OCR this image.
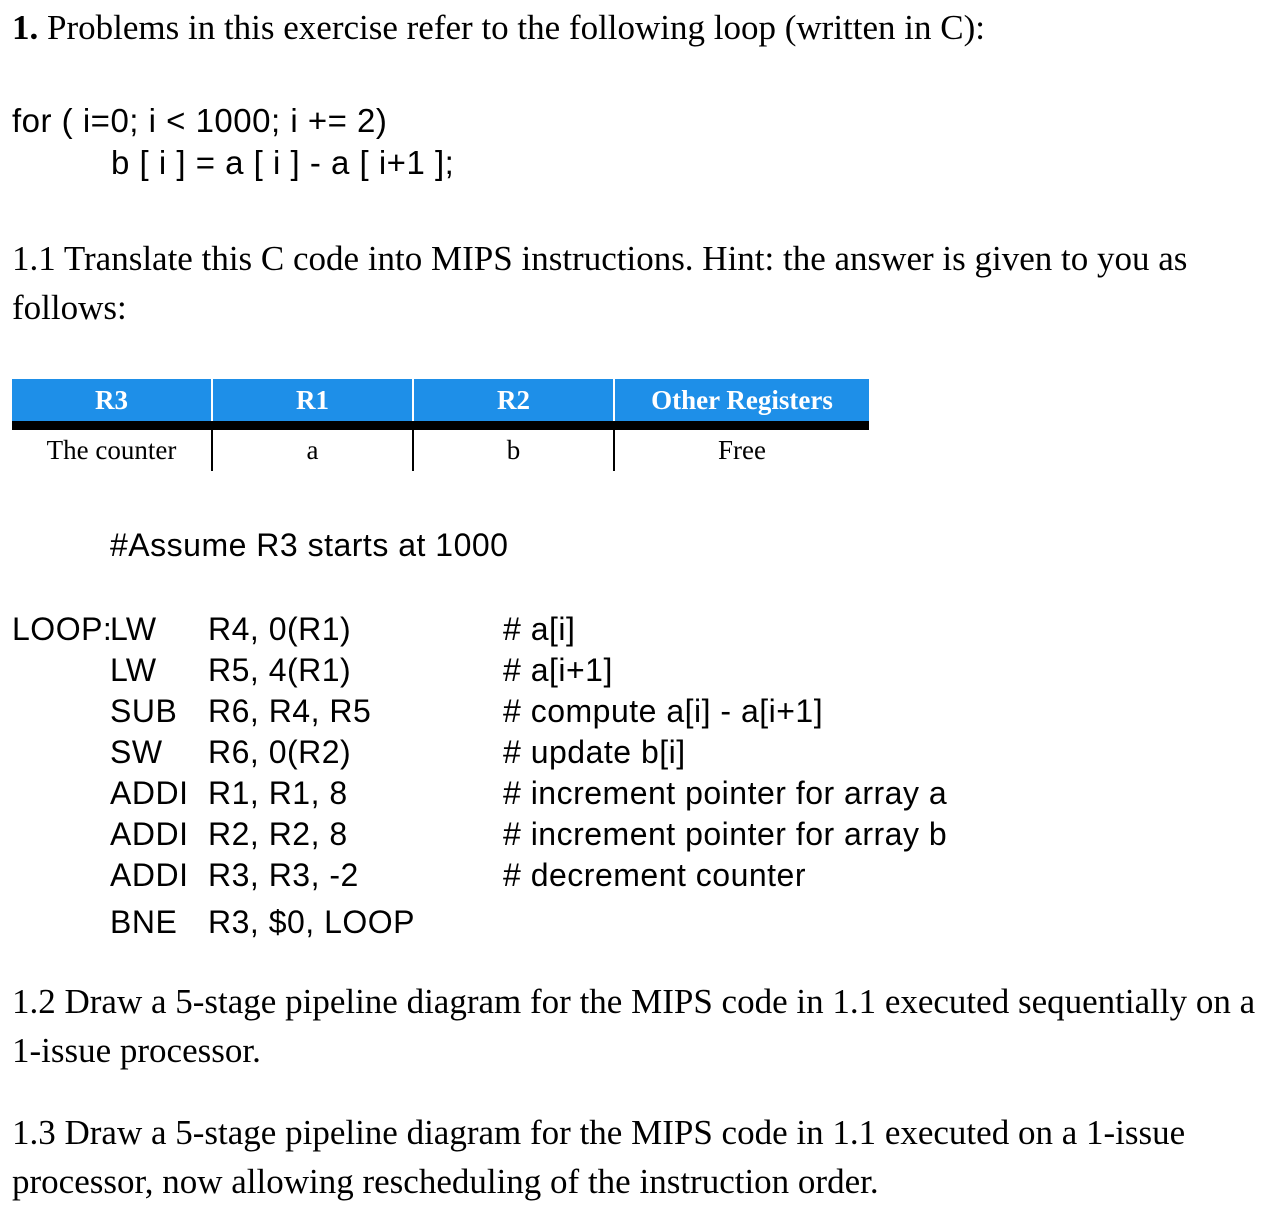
1. Problems in this exercise refer to the following loop (written in C):
for ( i=0; i < 1000; i += 2)
b [ i ] = a [ i ] - a [ i+1 ];
1.1 Translate this C code into MIPS instructions. Hint: the answer is given to you as follows:
R3	R1	R2	Other Registers
The counter	a	b	Free
#Assume R3 starts at 1000
LOOP:
LW R4, 0(R1)	# a[i]
LW R5, 4(R1)	# a[i+1]
SUB R6, R4, R5	# compute a[i] - a[i+1]
SW R6, 0(R2)	# update b[i]
ADDI R1, R1, 8	# increment pointer for array a
ADDI R2, R2, 8	# increment pointer for array b
ADDI R3, R3, -2	# decrement counter
BNE R3, $0, LOOP
1.2 Draw a 5-stage pipeline diagram for the MIPS code in 1.1 executed sequentially on a 1-issue processor.
1.3 Draw a 5-stage pipeline diagram for the MIPS code in 1.1 executed on a 1-issue processor, now allowing rescheduling of the instruction order.
